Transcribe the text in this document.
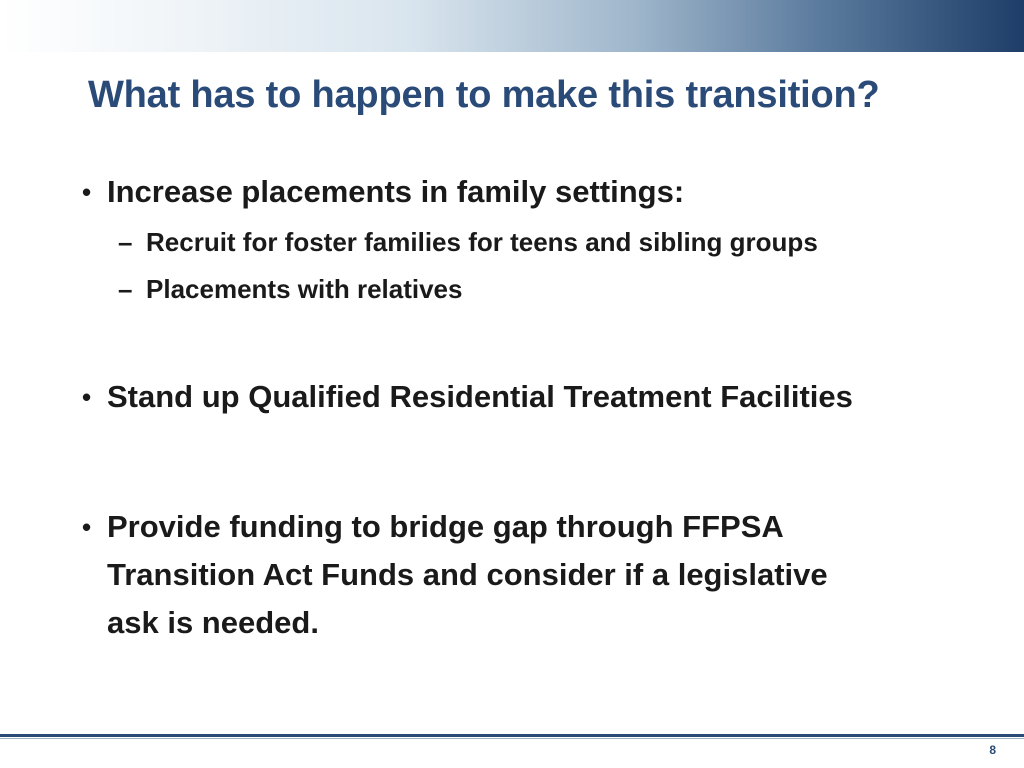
What has to happen to make this transition?
• Increase placements in family settings:
– Recruit for foster families for teens and sibling groups
– Placements with relatives
• Stand up Qualified Residential Treatment Facilities
• Provide funding to bridge gap through FFPSA Transition Act Funds and consider if a legislative ask is needed.
8
